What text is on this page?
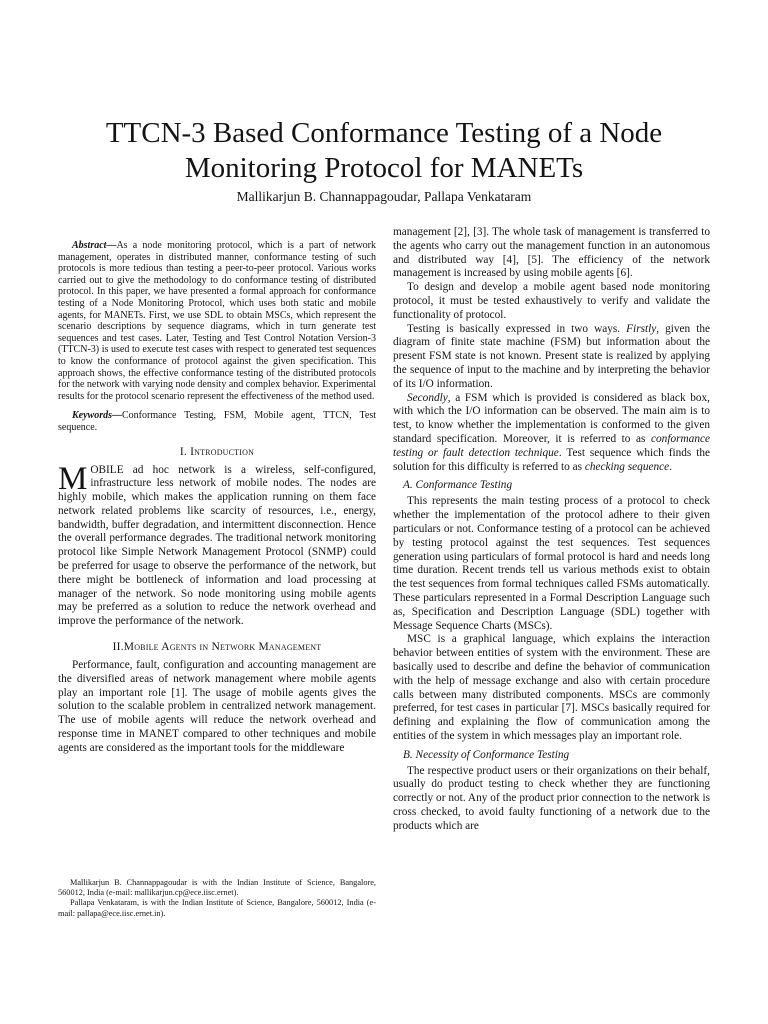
TTCN-3 Based Conformance Testing of a Node Monitoring Protocol for MANETs
Mallikarjun B. Channappagoudar, Pallapa Venkataram

Abstract—As a node monitoring protocol, which is a part of network management, operates in distributed manner, conformance testing of such protocols is more tedious than testing a peer-to-peer protocol. Various works carried out to give the methodology to do conformance testing of distributed protocol. In this paper, we have presented a formal approach for conformance testing of a Node Monitoring Protocol, which uses both static and mobile agents, for MANETs. First, we use SDL to obtain MSCs, which represent the scenario descriptions by sequence diagrams, which in turn generate test sequences and test cases. Later, Testing and Test Control Notation Version-3 (TTCN-3) is used to execute test cases with respect to generated test sequences to know the conformance of protocol against the given specification. This approach shows, the effective conformance testing of the distributed protocols for the network with varying node density and complex behavior. Experimental results for the protocol scenario represent the effectiveness of the method used.

Keywords—Conformance Testing, FSM, Mobile agent, TTCN, Test sequence.

I. Introduction

MOBILE ad hoc network is a wireless, self-configured, infrastructure less network of mobile nodes. The nodes are highly mobile, which makes the application running on them face network related problems like scarcity of resources, i.e., energy, bandwidth, buffer degradation, and intermittent disconnection. Hence the overall performance degrades. The traditional network monitoring protocol like Simple Network Management Protocol (SNMP) could be preferred for usage to observe the performance of the network, but there might be bottleneck of information and load processing at manager of the network. So node monitoring using mobile agents may be preferred as a solution to reduce the network overhead and improve the performance of the network.

II.Mobile Agents in Network Management

Performance, fault, configuration and accounting management are the diversified areas of network management where mobile agents play an important role [1]. The usage of mobile agents gives the solution to the scalable problem in centralized network management. The use of mobile agents will reduce the network overhead and response time in MANET compared to other techniques and mobile agents are considered as the important tools for the middleware

Mallikarjun B. Channappagoudar is with the Indian Institute of Science, Bangalore, 560012, India (e-mail: mallikarjun.cp@ece.iisc.ernet).

Pallapa Venkataram, is with the Indian Institute of Science, Bangalore, 560012, India (e-mail: pallapa@ece.iisc.ernet.in).

management [2], [3]. The whole task of management is transferred to the agents who carry out the management function in an autonomous and distributed way [4], [5]. The efficiency of the network management is increased by using mobile agents [6].

To design and develop a mobile agent based node monitoring protocol, it must be tested exhaustively to verify and validate the functionality of protocol.

Testing is basically expressed in two ways. Firstly, given the diagram of finite state machine (FSM) but information about the present FSM state is not known. Present state is realized by applying the sequence of input to the machine and by interpreting the behavior of its I/O information.

Secondly, a FSM which is provided is considered as black box, with which the I/O information can be observed. The main aim is to test, to know whether the implementation is conformed to the given standard specification. Moreover, it is referred to as conformance testing or fault detection technique. Test sequence which finds the solution for this difficulty is referred to as checking sequence.

A. Conformance Testing

This represents the main testing process of a protocol to check whether the implementation of the protocol adhere to their given particulars or not. Conformance testing of a protocol can be achieved by testing protocol against the test sequences. Test sequences generation using particulars of formal protocol is hard and needs long time duration. Recent trends tell us various methods exist to obtain the test sequences from formal techniques called FSMs automatically. These particulars represented in a Formal Description Language such as, Specification and Description Language (SDL) together with Message Sequence Charts (MSCs).

MSC is a graphical language, which explains the interaction behavior between entities of system with the environment. These are basically used to describe and define the behavior of communication with the help of message exchange and also with certain procedure calls between many distributed components. MSCs are commonly preferred, for test cases in particular [7]. MSCs basically required for defining and explaining the flow of communication among the entities of the system in which messages play an important role.

B. Necessity of Conformance Testing

The respective product users or their organizations on their behalf, usually do product testing to check whether they are functioning correctly or not. Any of the product prior connection to the network is cross checked, to avoid faulty functioning of a network due to the products which are
